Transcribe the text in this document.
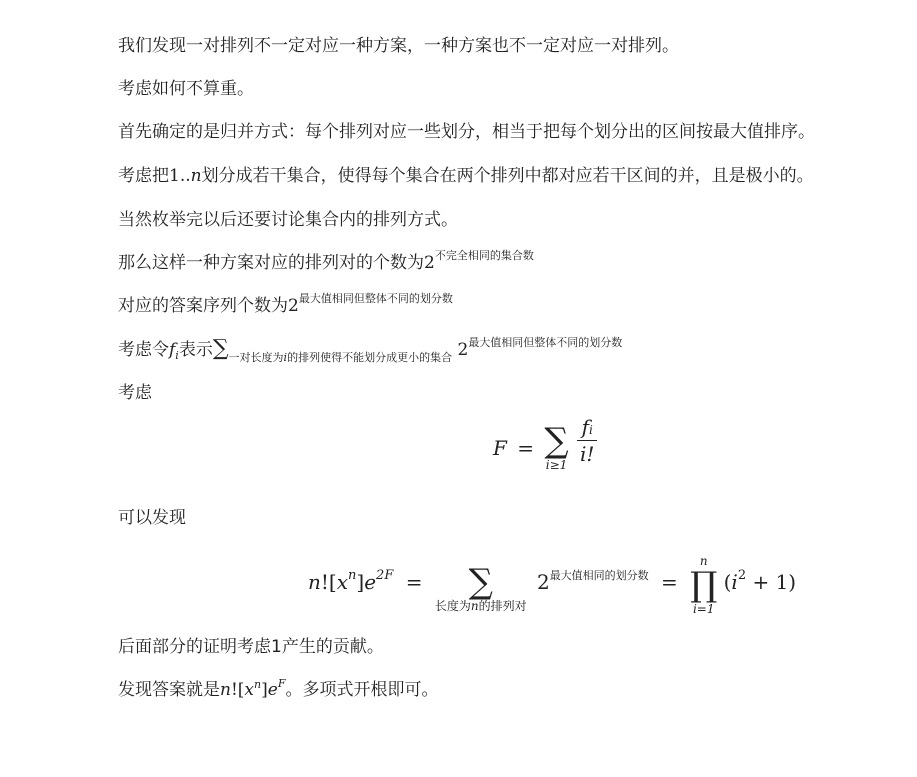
我们发现一对排列不一定对应一种方案，一种方案也不一定对应一对排列。
考虑如何不算重。
首先确定的是归并方式：每个排列对应一些划分，相当于把每个划分出的区间按最大值排序。
考虑把1..n划分成若干集合，使得每个集合在两个排列中都对应若干区间的并，且是极小的。
当然枚举完以后还要讨论集合内的排列方式。
那么这样一种方案对应的排列对的个数为$2^{不完全相同的集合数}$
对应的答案序列个数为$2^{最大值相同但整体不同的划分数}$
考虑令$f_i$表示$\sum_{一对长度为i的排列使得不能划分成更小的集合}$ $2^{最大值相同但整体不同的划分数}$
考虑
可以发现
后面部分的证明考虑1产生的贡献。
发现答案就是$n![x^n]e^F$。多项式开根即可。
F = ∑
i≥1
$\frac{fi}{i!}$
$n![x^n]e^{2F}$ =	∑
长度为n的排列对
$2^{最大值相同的划分数}$ =
n
∏
i=1
$(i^2 + 1)$
